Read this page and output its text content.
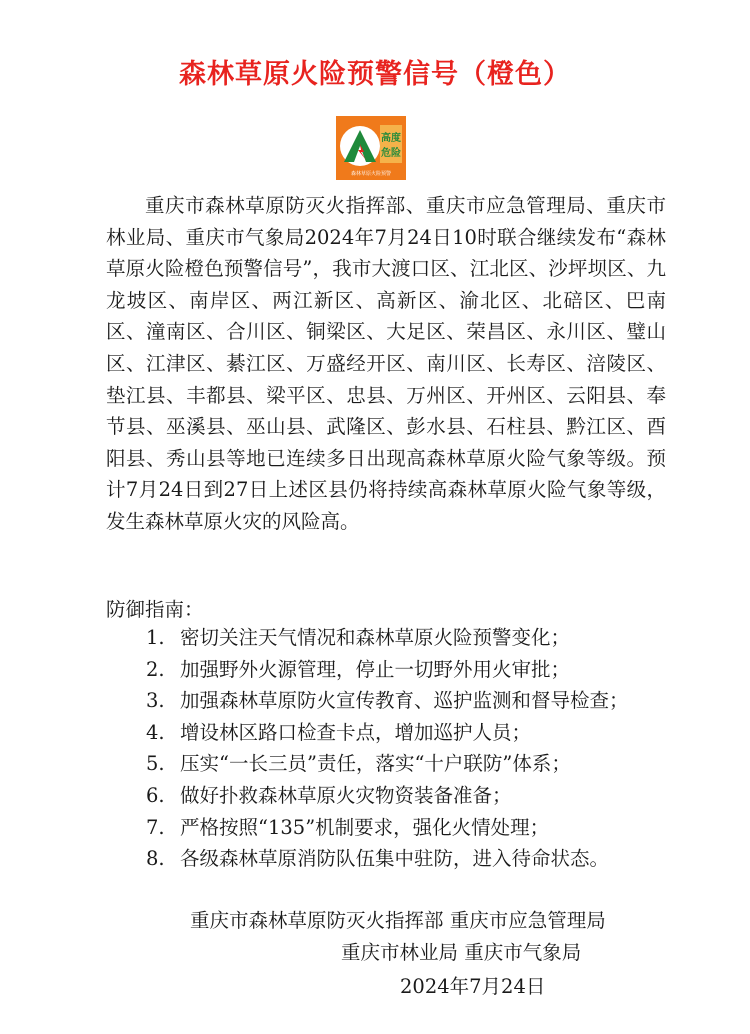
森林草原火险预警信号（橙色）
高度
危险
森林草原火险预警
重庆市森林草原防灭火指挥部、重庆市应急管理局、重庆市林业局、重庆市气象局2024年7月24日10时联合继续发布“森林草原火险橙色预警信号”，我市大渡口区、江北区、沙坪坝区、九龙坡区、南岸区、两江新区、高新区、渝北区、北碚区、巴南区、潼南区、合川区、铜梁区、大足区、荣昌区、永川区、璧山区、江津区、綦江区、万盛经开区、南川区、长寿区、涪陵区、垫江县、丰都县、梁平区、忠县、万州区、开州区、云阳县、奉节县、巫溪县、巫山县、武隆区、彭水县、石柱县、黔江区、酉阳县、秀山县等地已连续多日出现高森林草原火险气象等级。预计7月24日到27日上述区县仍将持续高森林草原火险气象等级，发生森林草原火灾的风险高。
防御指南：
1. 密切关注天气情况和森林草原火险预警变化；
2. 加强野外火源管理，停止一切野外用火审批；
3. 加强森林草原防火宣传教育、巡护监测和督导检查；
4. 增设林区路口检查卡点，增加巡护人员；
5. 压实“一长三员”责任，落实“十户联防”体系；
6. 做好扑救森林草原火灾物资装备准备；
7. 严格按照“135”机制要求，强化火情处理；
8. 各级森林草原消防队伍集中驻防，进入待命状态。
重庆市森林草原防灭火指挥部 重庆市应急管理局
重庆市林业局 重庆市气象局
2024年7月24日
